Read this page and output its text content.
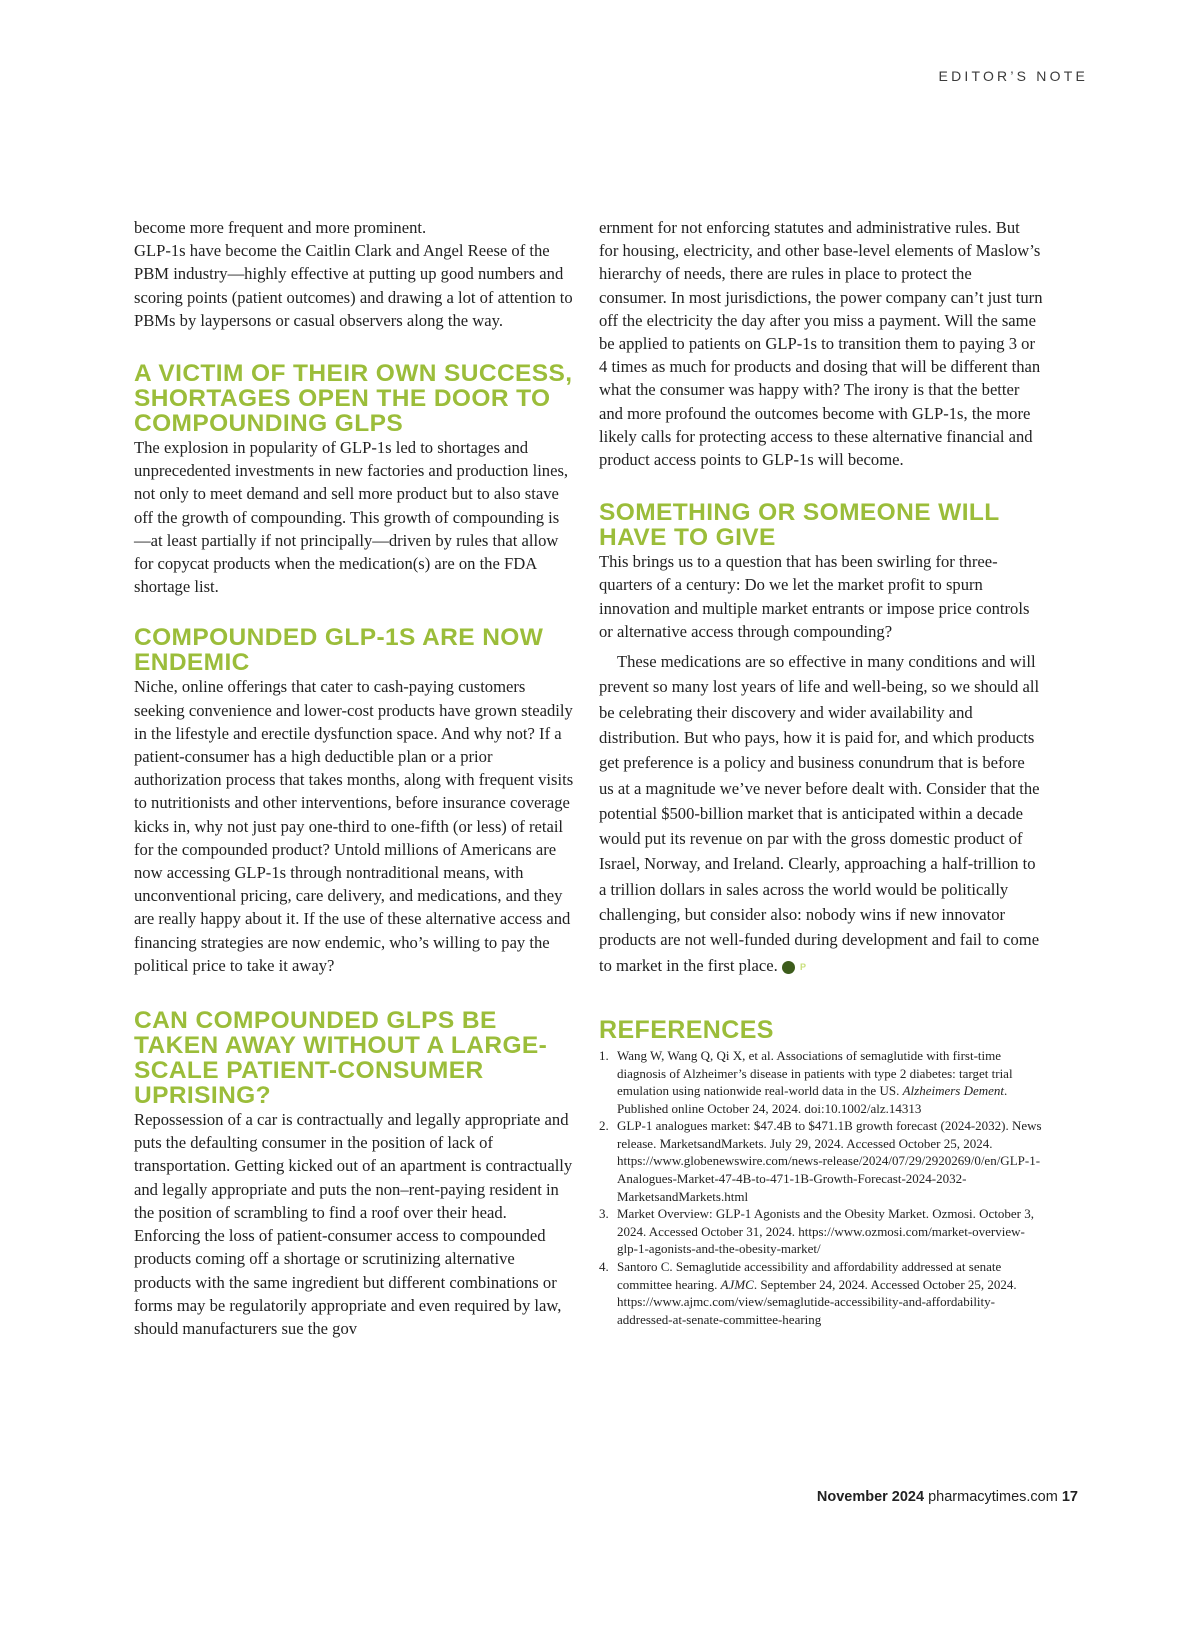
EDITOR’S NOTE

become more frequent and more prominent.

GLP-1s have become the Caitlin Clark and Angel Reese of the PBM industry—highly effective at putting up good numbers and scoring points (patient outcomes) and drawing a lot of attention to PBMs by laypersons or casual observers along the way.

A VICTIM OF THEIR OWN SUCCESS, SHORTAGES OPEN THE DOOR TO COMPOUNDING GLPS

The explosion in popularity of GLP-1s led to shortages and unprecedented investments in new factories and production lines, not only to meet demand and sell more product but to also stave off the growth of compounding. This growth of compounding is—at least partially if not principally—driven by rules that allow for copycat products when the medication(s) are on the FDA shortage list.

COMPOUNDED GLP-1S ARE NOW ENDEMIC

Niche, online offerings that cater to cash-paying customers seeking convenience and lower-cost products have grown steadily in the lifestyle and erectile dysfunction space. And why not? If a patient-consumer has a high deductible plan or a prior authorization process that takes months, along with frequent visits to nutritionists and other interventions, before insurance coverage kicks in, why not just pay one-third to one-fifth (or less) of retail for the compounded product? Untold millions of Americans are now accessing GLP-1s through nontraditional means, with unconventional pricing, care delivery, and medications, and they are really happy about it. If the use of these alternative access and financing strategies are now endemic, who’s willing to pay the political price to take it away?

CAN COMPOUNDED GLPS BE TAKEN AWAY WITHOUT A LARGE-SCALE PATIENT-CONSUMER UPRISING?

Repossession of a car is contractually and legally appropriate and puts the defaulting consumer in the position of lack of transportation. Getting kicked out of an apartment is contractually and legally appropriate and puts the non–rent-paying resident in the position of scrambling to find a roof over their head. Enforcing the loss of patient-consumer access to compounded products coming off a shortage or scrutinizing alternative products with the same ingredient but different combinations or forms may be regulatorily appropriate and even required by law, should manufacturers sue the gov

ernment for not enforcing statutes and administrative rules. But for housing, electricity, and other base-level elements of Maslow’s hierarchy of needs, there are rules in place to protect the consumer. In most jurisdictions, the power company can’t just turn off the electricity the day after you miss a payment. Will the same be applied to patients on GLP-1s to transition them to paying 3 or 4 times as much for products and dosing that will be different than what the consumer was happy with? The irony is that the better and more profound the outcomes become with GLP-1s, the more likely calls for protecting access to these alternative financial and product access points to GLP-1s will become.

SOMETHING OR SOMEONE WILL HAVE TO GIVE

This brings us to a question that has been swirling for three-quarters of a century: Do we let the market profit to spurn innovation and multiple market entrants or impose price controls or alternative access through compounding?

These medications are so effective in many conditions and will prevent so many lost years of life and well-being, so we should all be celebrating their discovery and wider availability and distribution. But who pays, how it is paid for, and which products get preference is a policy and business conundrum that is before us at a magnitude we’ve never before dealt with. Consider that the potential $500-billion market that is anticipated within a decade would put its revenue on par with the gross domestic product of Israel, Norway, and Ireland. Clearly, approaching a half-trillion to a trillion dollars in sales across the world would be politically challenging, but consider also: nobody wins if new innovator products are not well-funded during development and fail to come to market in the first place. P

REFERENCES
1. Wang W, Wang Q, Qi X, et al. Associations of semaglutide with first-time diagnosis of Alzheimer’s disease in patients with type 2 diabetes: target trial emulation using nationwide real-world data in the US. Alzheimers Dement. Published online October 24, 2024. doi:10.1002/alz.14313
2. GLP-1 analogues market: $47.4B to $471.1B growth forecast (2024-2032). News release. MarketsandMarkets. July 29, 2024. Accessed October 25, 2024. https://www.globenewswire.com/news-release/2024/07/29/2920269/0/en/GLP-1-Analogues-Market-47-4B-to-471-1B-Growth-Forecast-2024-2032-MarketsandMarkets.html
3. Market Overview: GLP-1 Agonists and the Obesity Market. Ozmosi. October 3, 2024. Accessed October 31, 2024. https://www.ozmosi.com/market-overview-glp-1-agonists-and-the-obesity-market/
4. Santoro C. Semaglutide accessibility and affordability addressed at senate committee hearing. AJMC. September 24, 2024. Accessed October 25, 2024. https://www.ajmc.com/view/semaglutide-accessibility-and-affordability-addressed-at-senate-committee-hearing
November 2024 pharmacytimes.com 17
